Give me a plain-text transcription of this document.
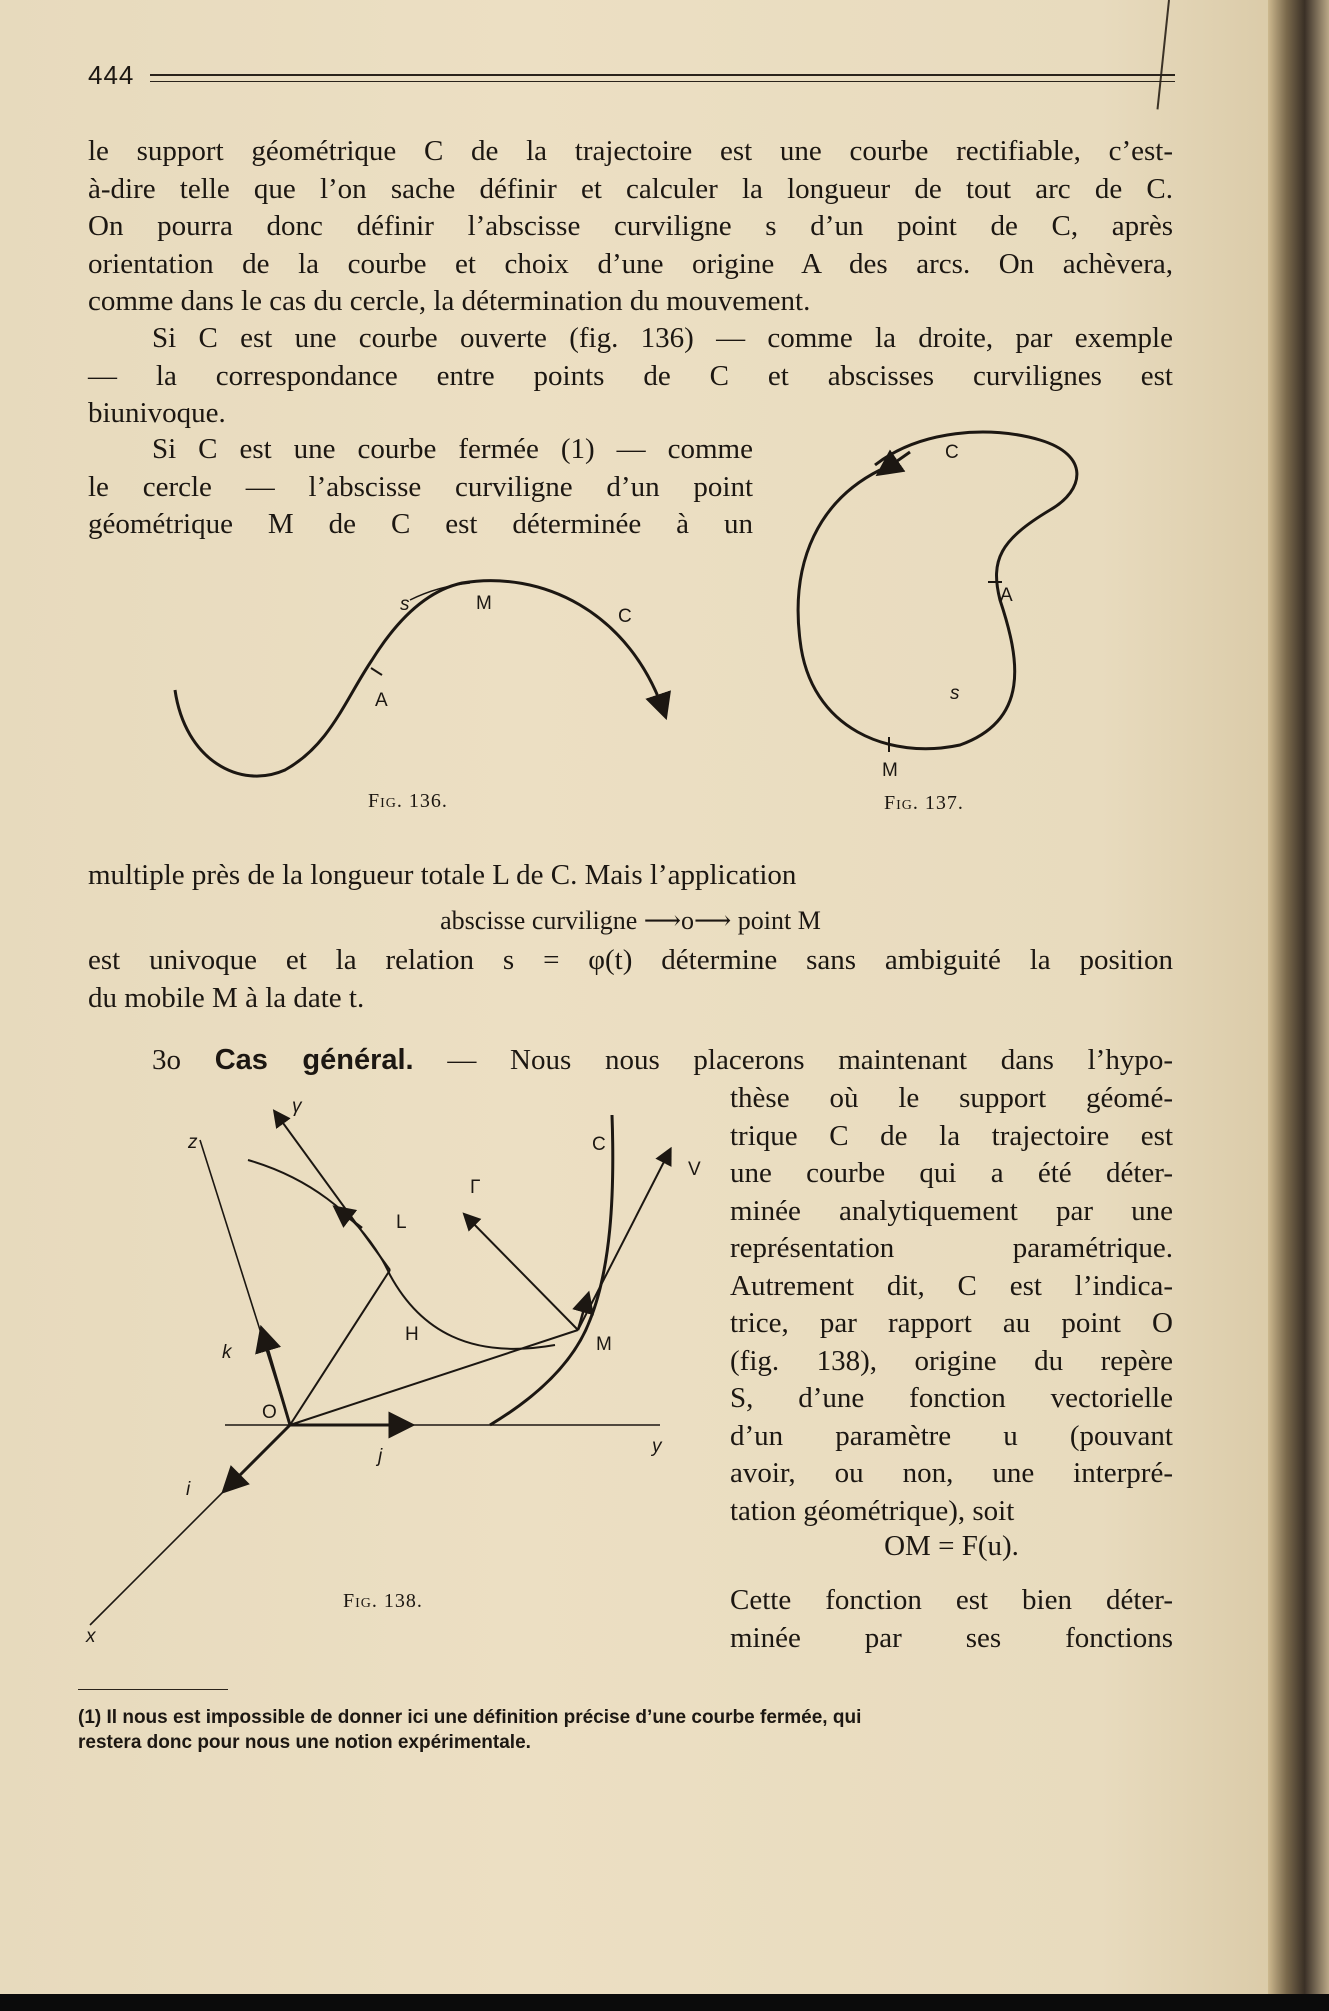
444
le support géométrique C de la trajectoire est une courbe rectifiable, c’est-
à-dire telle que l’on sache définir et calculer la longueur de tout arc de C.
On pourra donc définir l’abscisse curviligne s d’un point de C, après
orientation de la courbe et choix d’une origine A des arcs. On achèvera,
comme dans le cas du cercle, la détermination du mouvement.
Si C est une courbe ouverte (fig. 136) — comme la droite, par exemple
— la correspondance entre points de C et abscisses curvilignes est
biunivoque.
Si C est une courbe fermée (1) — comme
le cercle — l’abscisse curviligne d’un point
géométrique M de C est déterminée à un
s	M
C
A
C
A
s
M
z
γ
C
V
Γ
L
k
H	M
O
j	y
i
x
Fig. 136.	Fig. 137.
Fig. 138.
multiple près de la longueur totale L de C. Mais l’application
abscisse curviligne ⟶o⟶ point M
est univoque et la relation s = φ(t) détermine sans ambiguité la position
du mobile M à la date t.
3o Cas général. — Nous nous placerons maintenant dans l’hypo-
thèse où le support géomé-
trique C de la trajectoire est
une courbe qui a été déter-
minée analytiquement par une
représentation paramétrique.
Autrement dit, C est l’indica-
trice, par rapport au point O
(fig. 138), origine du repère
S, d’une fonction vectorielle
d’un paramètre u (pouvant
avoir, ou non, une interpré-
tation géométrique), soit
OM = F(u).
Cette fonction est bien déter-
minée par ses fonctions
(1) Il nous est impossible de donner ici une définition précise d’une courbe fermée, qui
restera donc pour nous une notion expérimentale.
